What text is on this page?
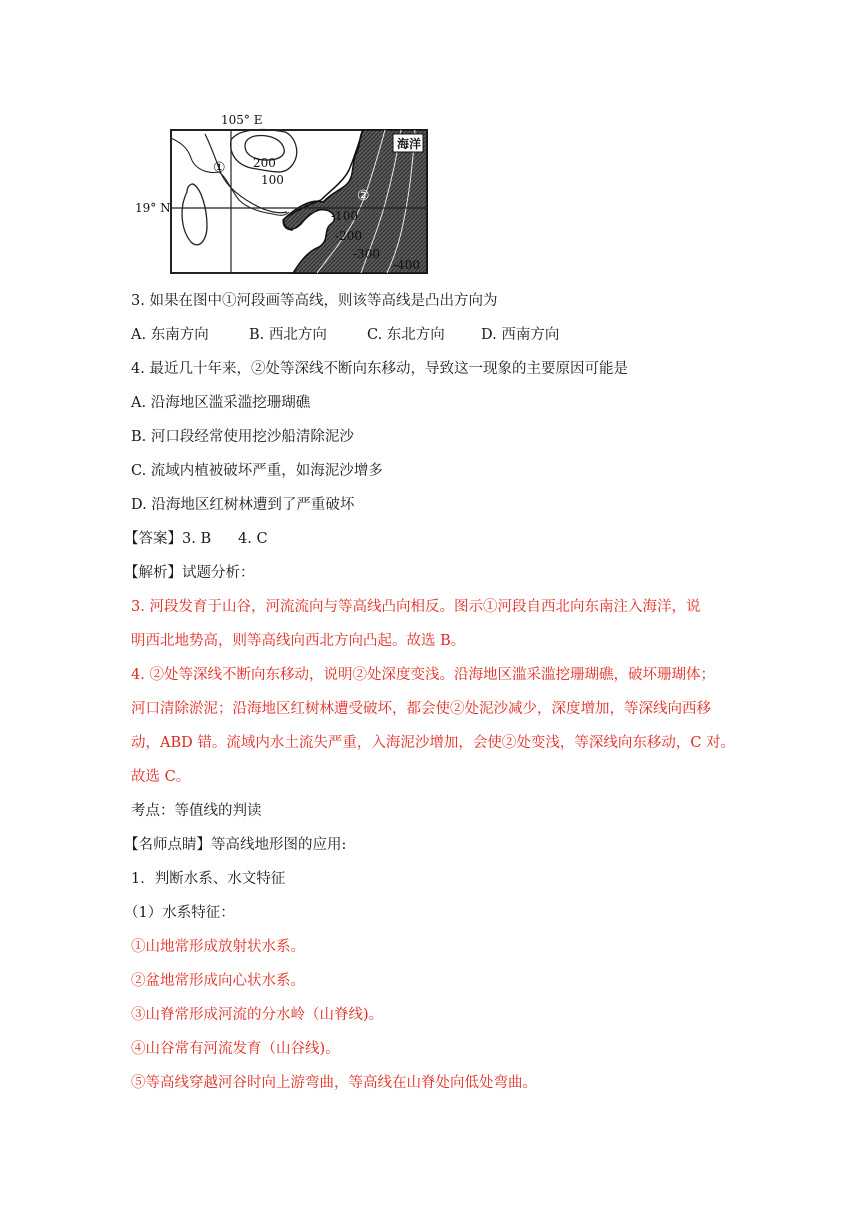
海洋
105° E
19° N
①
②
200
100
-100
-200
-300
-400
3. 如果在图中①河段画等高线，则该等高线是凸出方向为
A. 东南方向	B. 西北方向	C. 东北方向 D. 西南方向
4. 最近几十年来，②处等深线不断向东移动，导致这一现象的主要原因可能是
A. 沿海地区滥采滥挖珊瑚礁
B. 河口段经常使用挖沙船清除泥沙
C. 流域内植被破坏严重，如海泥沙增多
D. 沿海地区红树林遭到了严重破坏
【答案】3. B 4. C
【解析】试题分析：
3. 河段发育于山谷，河流流向与等高线凸向相反。图示①河段自西北向东南注入海洋，说
明西北地势高，则等高线向西北方向凸起。故选 B。
4. ②处等深线不断向东移动，说明②处深度变浅。沿海地区滥采滥挖珊瑚礁，破坏珊瑚体；
河口清除淤泥；沿海地区红树林遭受破坏，都会使②处泥沙减少，深度增加，等深线向西移
动，ABD 错。流域内水土流失严重，入海泥沙增加，会使②处变浅，等深线向东移动，C 对。
故选 C。
考点：等值线的判读
【名师点睛】等高线地形图的应用:
1．判断水系、水文特征
（1）水系特征：
①山地常形成放射状水系。
②盆地常形成向心状水系。
③山脊常形成河流的分水岭（山脊线)。
④山谷常有河流发育（山谷线)。
⑤等高线穿越河谷时向上游弯曲，等高线在山脊处向低处弯曲。
